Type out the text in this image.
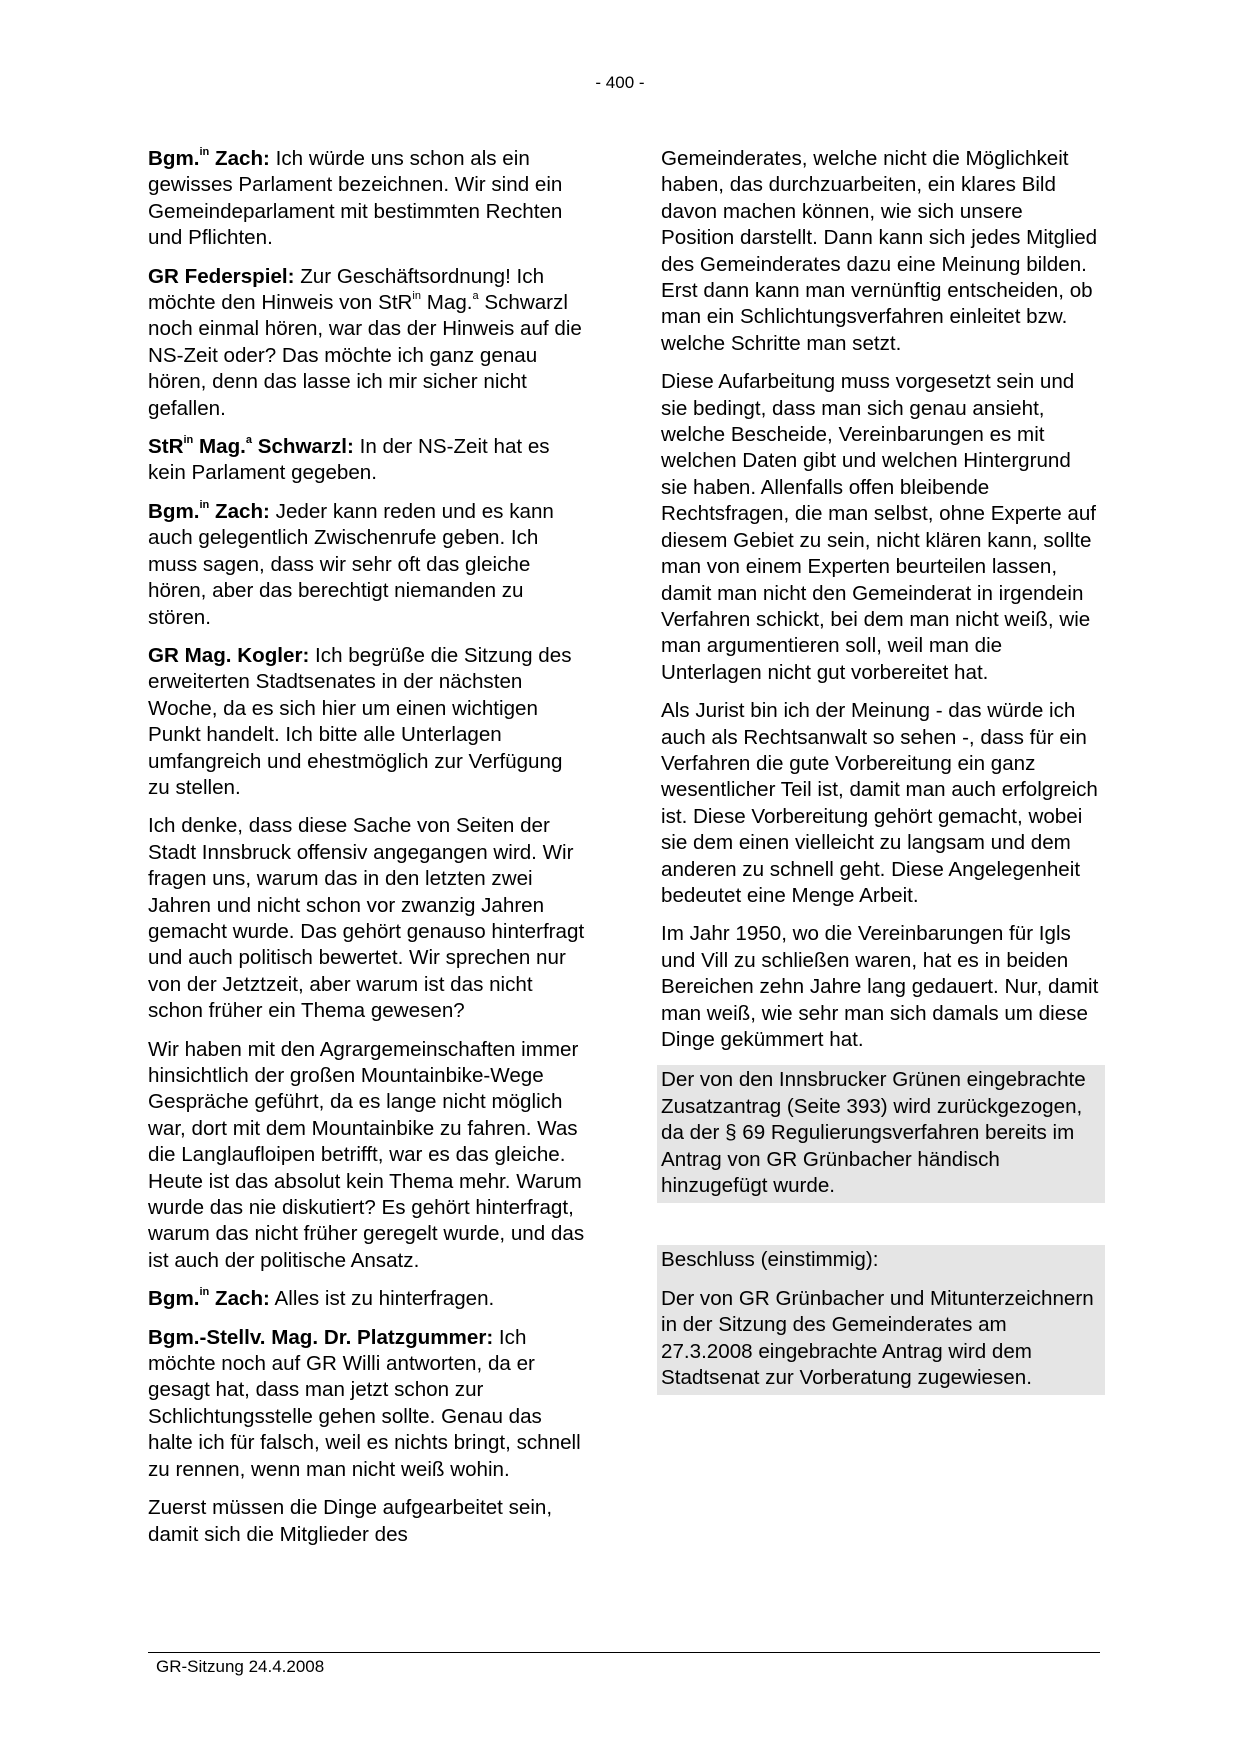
- 400 -

Bgm.$^{in}$ Zach: Ich würde uns schon als ein gewisses Parlament bezeichnen. Wir sind ein Gemeindeparlament mit bestimmten Rechten und Pflichten.

GR Federspiel: Zur Geschäftsordnung! Ich möchte den Hinweis von StR$^{in}$ Mag.$^a$ Schwarzl noch einmal hören, war das der Hinweis auf die NS-Zeit oder? Das möchte ich ganz genau hören, denn das lasse ich mir sicher nicht gefallen.

StR$^{in}$ Mag.$^a$ Schwarzl: In der NS-Zeit hat es kein Parlament gegeben.

Bgm.$^{in}$ Zach: Jeder kann reden und es kann auch gelegentlich Zwischenrufe geben. Ich muss sagen, dass wir sehr oft das gleiche hören, aber das berechtigt niemanden zu stören.

GR Mag. Kogler: Ich begrüße die Sitzung des erweiterten Stadtsenates in der nächsten Woche, da es sich hier um einen wichtigen Punkt handelt. Ich bitte alle Unterlagen umfangreich und ehestmöglich zur Verfügung zu stellen.

Ich denke, dass diese Sache von Seiten der Stadt Innsbruck offensiv angegangen wird. Wir fragen uns, warum das in den letzten zwei Jahren und nicht schon vor zwanzig Jahren gemacht wurde. Das gehört genauso hinterfragt und auch politisch bewertet. Wir sprechen nur von der Jetztzeit, aber warum ist das nicht schon früher ein Thema gewesen?

Wir haben mit den Agrargemeinschaften immer hinsichtlich der großen Mountainbike-Wege Gespräche geführt, da es lange nicht möglich war, dort mit dem Mountainbike zu fahren. Was die Langlaufloipen betrifft, war es das gleiche. Heute ist das absolut kein Thema mehr. Warum wurde das nie diskutiert? Es gehört hinterfragt, warum das nicht früher geregelt wurde, und das ist auch der politische Ansatz.

Bgm.$^{in}$ Zach: Alles ist zu hinterfragen.

Bgm.-Stellv. Mag. Dr. Platzgummer: Ich möchte noch auf GR Willi antworten, da er gesagt hat, dass man jetzt schon zur Schlichtungsstelle gehen sollte. Genau das halte ich für falsch, weil es nichts bringt, schnell zu rennen, wenn man nicht weiß wohin.

Zuerst müssen die Dinge aufgearbeitet sein, damit sich die Mitglieder des

Gemeinderates, welche nicht die Möglichkeit haben, das durchzuarbeiten, ein klares Bild davon machen können, wie sich unsere Position darstellt. Dann kann sich jedes Mitglied des Gemeinderates dazu eine Meinung bilden. Erst dann kann man vernünftig entscheiden, ob man ein Schlichtungsverfahren einleitet bzw. welche Schritte man setzt.

Diese Aufarbeitung muss vorgesetzt sein und sie bedingt, dass man sich genau ansieht, welche Bescheide, Vereinbarungen es mit welchen Daten gibt und welchen Hintergrund sie haben. Allenfalls offen bleibende Rechtsfragen, die man selbst, ohne Experte auf diesem Gebiet zu sein, nicht klären kann, sollte man von einem Experten beurteilen lassen, damit man nicht den Gemeinderat in irgendein Verfahren schickt, bei dem man nicht weiß, wie man argumentieren soll, weil man die Unterlagen nicht gut vorbereitet hat.

Als Jurist bin ich der Meinung - das würde ich auch als Rechtsanwalt so sehen -, dass für ein Verfahren die gute Vorbereitung ein ganz wesentlicher Teil ist, damit man auch erfolgreich ist. Diese Vorbereitung gehört gemacht, wobei sie dem einen vielleicht zu langsam und dem anderen zu schnell geht. Diese Angelegenheit bedeutet eine Menge Arbeit.

Im Jahr 1950, wo die Vereinbarungen für Igls und Vill zu schließen waren, hat es in beiden Bereichen zehn Jahre lang gedauert. Nur, damit man weiß, wie sehr man sich damals um diese Dinge gekümmert hat.

Der von den Innsbrucker Grünen eingebrachte Zusatzantrag (Seite 393) wird zurückgezogen, da der § 69 Regulierungsverfahren bereits im Antrag von GR Grünbacher händisch hinzugefügt wurde.

Beschluss (einstimmig):

Der von GR Grünbacher und Mitunterzeichnern in der Sitzung des Gemeinderates am 27.3.2008 eingebrachte Antrag wird dem Stadtsenat zur Vorberatung zugewiesen.

GR-Sitzung 24.4.2008
